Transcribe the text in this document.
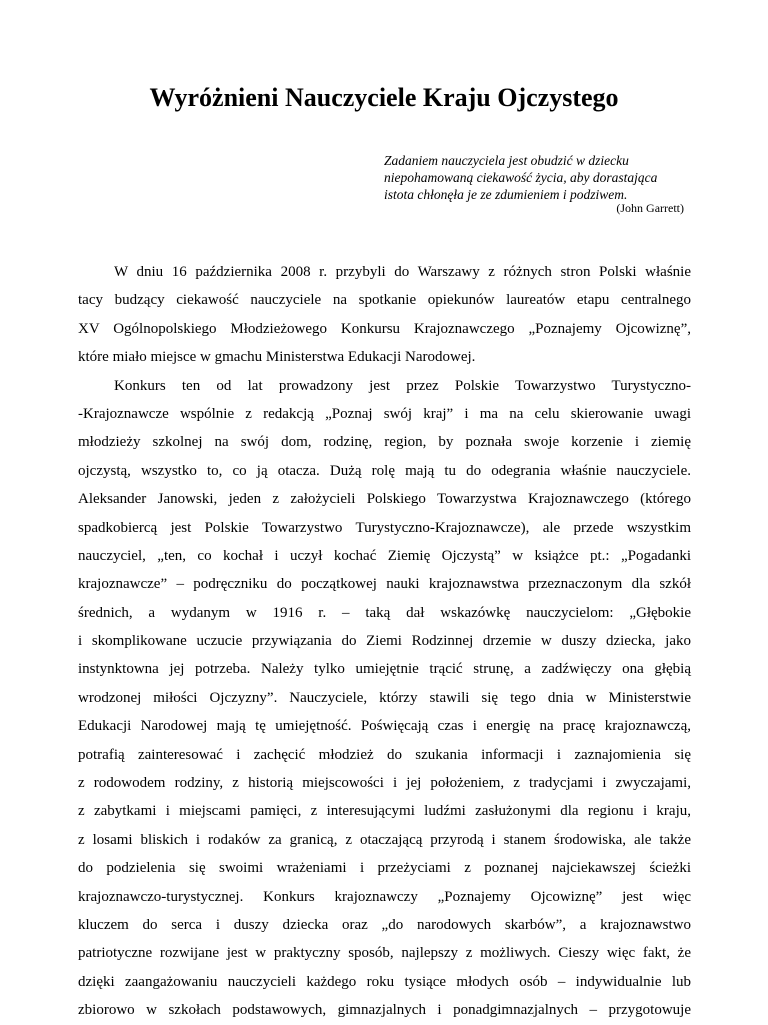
Wyróżnieni Nauczyciele Kraju Ojczystego
Zadaniem nauczyciela jest obudzić w dziecku
niepohamowaną ciekawość życia, aby dorastająca
istota chłonęła je ze zdumieniem i podziwem.
(John Garrett)
W dniu 16 października 2008 r. przybyli do Warszawy z różnych stron Polski właśnie
tacy budzący ciekawość nauczyciele na spotkanie opiekunów laureatów etapu centralnego
XV Ogólnopolskiego Młodzieżowego Konkursu Krajoznawczego „Poznajemy Ojcowiznę”,
które miało miejsce w gmachu Ministerstwa Edukacji Narodowej.
Konkurs ten od lat prowadzony jest przez Polskie Towarzystwo Turystyczno-
-Krajoznawcze wspólnie z redakcją „Poznaj swój kraj” i ma na celu skierowanie uwagi
młodzieży szkolnej na swój dom, rodzinę, region, by poznała swoje korzenie i ziemię
ojczystą, wszystko to, co ją otacza. Dużą rolę mają tu do odegrania właśnie nauczyciele.
Aleksander Janowski, jeden z założycieli Polskiego Towarzystwa Krajoznawczego (którego
spadkobiercą jest Polskie Towarzystwo Turystyczno-Krajoznawcze), ale przede wszystkim
nauczyciel, „ten, co kochał i uczył kochać Ziemię Ojczystą” w książce pt.: „Pogadanki
krajoznawcze” – podręczniku do początkowej nauki krajoznawstwa przeznaczonym dla szkół
średnich, a wydanym w 1916 r. – taką dał wskazówkę nauczycielom: „Głębokie
i skomplikowane uczucie przywiązania do Ziemi Rodzinnej drzemie w duszy dziecka, jako
instynktowna jej potrzeba. Należy tylko umiejętnie trącić strunę, a zadźwięczy ona głębią
wrodzonej miłości Ojczyzny”. Nauczyciele, którzy stawili się tego dnia w Ministerstwie
Edukacji Narodowej mają tę umiejętność. Poświęcają czas i energię na pracę krajoznawczą,
potrafią zainteresować i zachęcić młodzież do szukania informacji i zaznajomienia się
z rodowodem rodziny, z historią miejscowości i jej położeniem, z tradycjami i zwyczajami,
z zabytkami i miejscami pamięci, z interesującymi ludźmi zasłużonymi dla regionu i kraju,
z losami bliskich i rodaków za granicą, z otaczającą przyrodą i stanem środowiska, ale także
do podzielenia się swoimi wrażeniami i przeżyciami z poznanej najciekawszej ścieżki
krajoznawczo-turystycznej. Konkurs krajoznawczy „Poznajemy Ojcowiznę” jest więc
kluczem do serca i duszy dziecka oraz „do narodowych skarbów”, a krajoznawstwo
patriotyczne rozwijane jest w praktyczny sposób, najlepszy z możliwych. Cieszy więc fakt, że
dzięki zaangażowaniu nauczycieli każdego roku tysiące młodych osób – indywidualnie lub
zbiorowo w szkołach podstawowych, gimnazjalnych i ponadgimnazjalnych – przygotowuje
